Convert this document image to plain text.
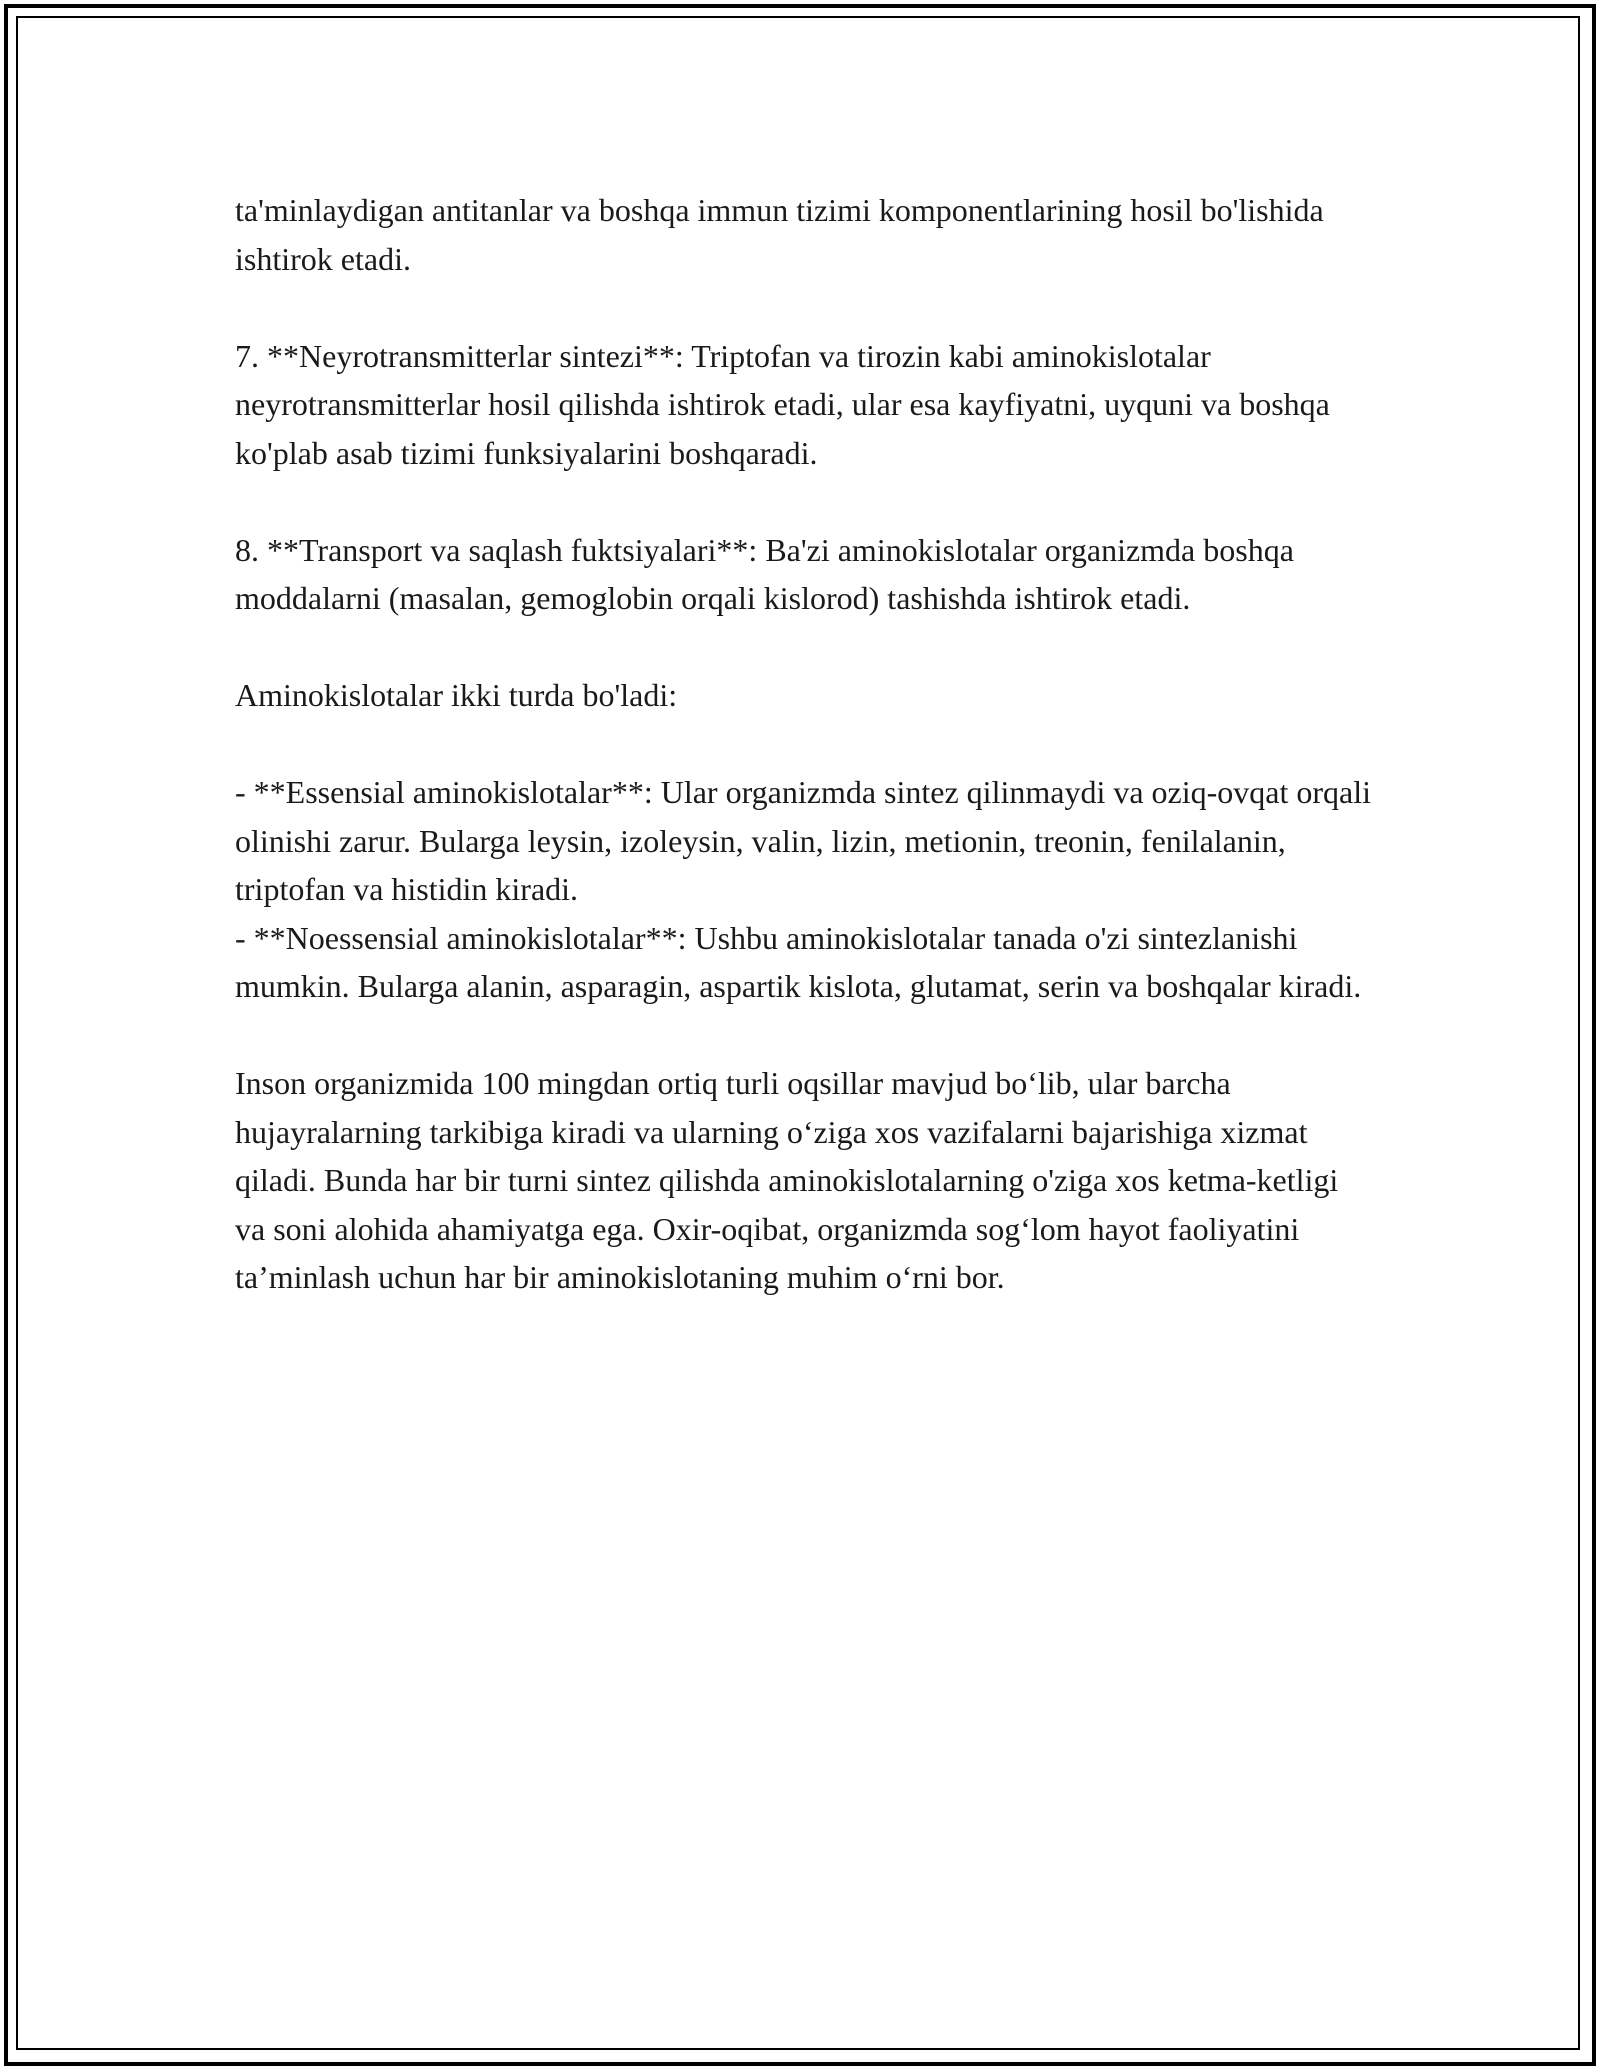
ta'minlaydigan antitanlar va boshqa immun tizimi komponentlarining hosil bo'lishida ishtirok etadi.

7. **Neyrotransmitterlar sintezi**: Triptofan va tirozin kabi aminokislotalar neyrotransmitterlar hosil qilishda ishtirok etadi, ular esa kayfiyatni, uyquni va boshqa ko'plab asab tizimi funksiyalarini boshqaradi.

8. **Transport va saqlash fuktsiyalari**: Ba'zi aminokislotalar organizmda boshqa moddalarni (masalan, gemoglobin orqali kislorod) tashishda ishtirok etadi.

Aminokislotalar ikki turda bo'ladi:

- **Essensial aminokislotalar**: Ular organizmda sintez qilinmaydi va oziq-ovqat orqali olinishi zarur. Bularga leysin, izoleysin, valin, lizin, metionin, treonin, fenilalanin, triptofan va histidin kiradi.

- **Noessensial aminokislotalar**: Ushbu aminokislotalar tanada o'zi sintezlanishi mumkin. Bularga alanin, asparagin, aspartik kislota, glutamat, serin va boshqalar kiradi.

Inson organizmida 100 mingdan ortiq turli oqsillar mavjud bo‘lib, ular barcha hujayralarning tarkibiga kiradi va ularning o‘ziga xos vazifalarni bajarishiga xizmat qiladi. Bunda har bir turni sintez qilishda aminokislotalarning o'ziga xos ketma-ketligi va soni alohida ahamiyatga ega. Oxir-oqibat, organizmda sog‘lom hayot faoliyatini ta’minlash uchun har bir aminokislotaning muhim o‘rni bor.
